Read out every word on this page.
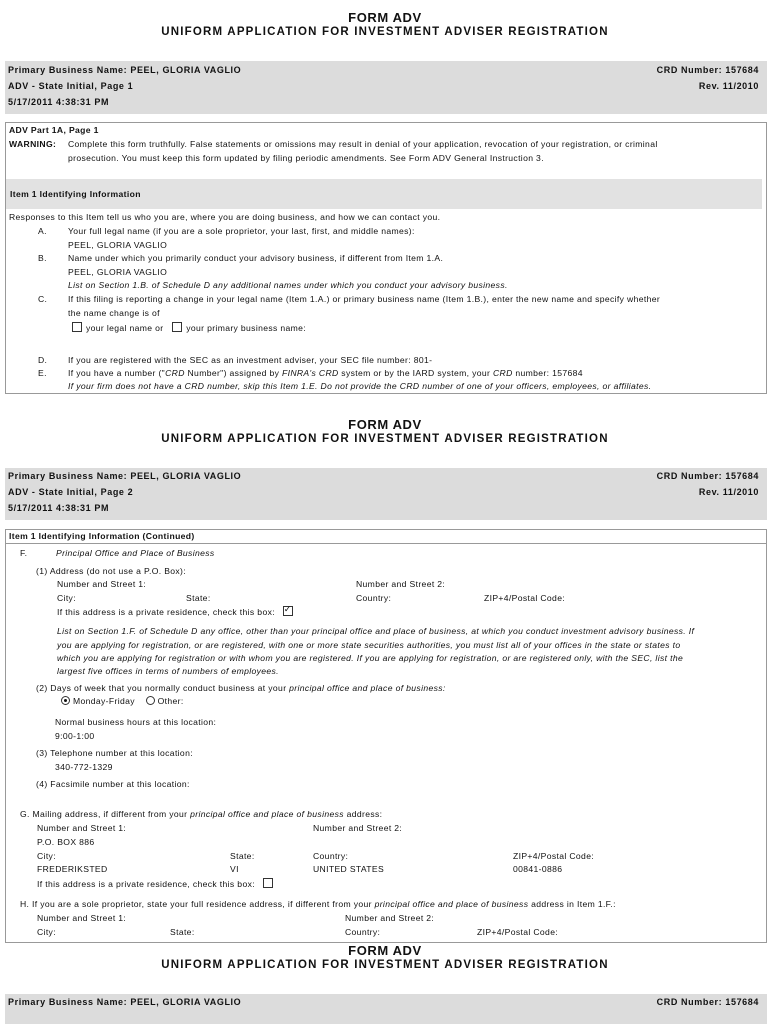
FORM ADV
UNIFORM APPLICATION FOR INVESTMENT ADVISER REGISTRATION
Primary Business Name: PEEL, GLORIA VAGLIO	CRD Number: 157684
ADV - State Initial, Page 1	Rev. 11/2010
5/17/2011 4:38:31 PM
ADV Part 1A, Page 1
WARNING: Complete this form truthfully. False statements or omissions may result in denial of your application, revocation of your registration, or criminal
prosecution. You must keep this form updated by filing periodic amendments. See Form ADV General Instruction 3.
Item 1 Identifying Information
Responses to this Item tell us who you are, where you are doing business, and how we can contact you.
A. Your full legal name (if you are a sole proprietor, your last, first, and middle names):
PEEL, GLORIA VAGLIO
B. Name under which you primarily conduct your advisory business, if different from Item 1.A.
PEEL, GLORIA VAGLIO
List on Section 1.B. of Schedule D any additional names under which you conduct your advisory business.
C. If this filing is reporting a change in your legal name (Item 1.A.) or primary business name (Item 1.B.), enter the new name and specify whether
the name change is of
your legal name or	your primary business name:
D. If you are registered with the SEC as an investment adviser, your SEC file number: 801-
E. If you have a number ("CRD Number") assigned by FINRA's CRD system or by the IARD system, your CRD number: 157684
If your firm does not have a CRD number, skip this Item 1.E. Do not provide the CRD number of one of your officers, employees, or affiliates.
FORM ADV
UNIFORM APPLICATION FOR INVESTMENT ADVISER REGISTRATION
Primary Business Name: PEEL, GLORIA VAGLIO	CRD Number: 157684
ADV - State Initial, Page 2	Rev. 11/2010
5/17/2011 4:38:31 PM
Item 1 Identifying Information (Continued)
F.	Principal Office and Place of Business
(1) Address (do not use a P.O. Box):
Number and Street 1:	Number and Street 2:
City:	State:	Country:	ZIP+4/Postal Code:
If this address is a private residence, check this box: ✓
List on Section 1.F. of Schedule D any office, other than your principal office and place of business, at which you conduct investment advisory business. If
you are applying for registration, or are registered, with one or more state securities authorities, you must list all of your offices in the state or states to
which you are applying for registration or with whom you are registered. If you are applying for registration, or are registered only, with the SEC, list the
largest five offices in terms of numbers of employees.
(2) Days of week that you normally conduct business at your principal office and place of business:
Monday-Friday	Other:
Normal business hours at this location:
9:00-1:00
(3) Telephone number at this location:
340-772-1329
(4) Facsimile number at this location:
G. Mailing address, if different from your principal office and place of business address:
Number and Street 1:	Number and Street 2:
P.O. BOX 886
City:	State:	Country:	ZIP+4/Postal Code:
FREDERIKSTED	VI	UNITED STATES	00841-0886
If this address is a private residence, check this box:
H. If you are a sole proprietor, state your full residence address, if different from your principal office and place of business address in Item 1.F.:
Number and Street 1:	Number and Street 2:
City:	State:	Country:	ZIP+4/Postal Code:
FORM ADV
UNIFORM APPLICATION FOR INVESTMENT ADVISER REGISTRATION
Primary Business Name: PEEL, GLORIA VAGLIO	CRD Number: 157684
